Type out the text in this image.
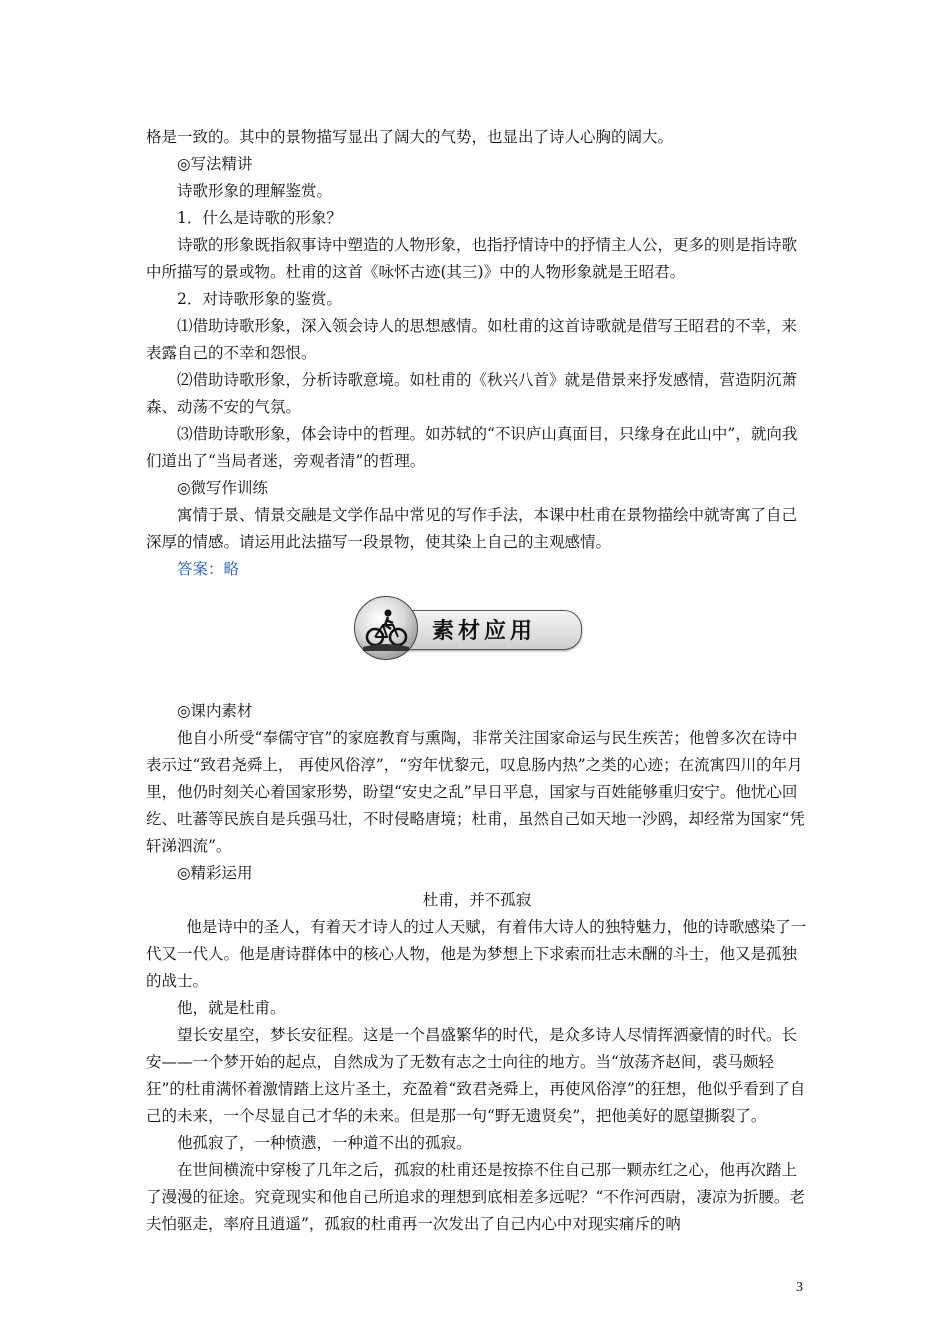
格是一致的。其中的景物描写显出了阔大的气势，也显出了诗人心胸的阔大。

◎写法精讲

诗歌形象的理解鉴赏。

1．什么是诗歌的形象？

诗歌的形象既指叙事诗中塑造的人物形象，也指抒情诗中的抒情主人公，更多的则是指诗歌中所描写的景或物。杜甫的这首《咏怀古迹(其三)》中的人物形象就是王昭君。

2．对诗歌形象的鉴赏。

⑴借助诗歌形象，深入领会诗人的思想感情。如杜甫的这首诗歌就是借写王昭君的不幸，来表露自己的不幸和怨恨。

⑵借助诗歌形象，分析诗歌意境。如杜甫的《秋兴八首》就是借景来抒发感情，营造阴沉萧森、动荡不安的气氛。

⑶借助诗歌形象，体会诗中的哲理。如苏轼的“不识庐山真面目，只缘身在此山中”，就向我们道出了“当局者迷，旁观者清”的哲理。

◎微写作训练

寓情于景、情景交融是文学作品中常见的写作手法，本课中杜甫在景物描绘中就寄寓了自己深厚的情感。请运用此法描写一段景物，使其染上自己的主观感情。

答案：略

素材应用

◎课内素材

他自小所受“奉儒守官”的家庭教育与熏陶，非常关注国家命运与民生疾苦；他曾多次在诗中表示过“致君尧舜上， 再使风俗淳”，“穷年忧黎元，叹息肠内热”之类的心迹；在流寓四川的年月里，他仍时刻关心着国家形势，盼望“安史之乱”早日平息，国家与百姓能够重归安宁。他忧心回纥、吐蕃等民族自是兵强马壮，不时侵略唐境；杜甫，虽然自己如天地一沙鸥，却经常为国家“凭轩涕泗流”。

◎精彩运用

杜甫，并不孤寂

他是诗中的圣人，有着天才诗人的过人天赋，有着伟大诗人的独特魅力，他的诗歌感染了一代又一代人。他是唐诗群体中的核心人物，他是为梦想上下求索而壮志未酬的斗士，他又是孤独的战士。

他，就是杜甫。

望长安星空，梦长安征程。这是一个昌盛繁华的时代，是众多诗人尽情挥洒豪情的时代。长安——一个梦开始的起点，自然成为了无数有志之士向往的地方。当“放荡齐赵间，裘马颇轻狂”的杜甫满怀着激情踏上这片圣土，充盈着“致君尧舜上，再使风俗淳”的狂想，他似乎看到了自己的未来，一个尽显自己才华的未来。但是那一句“野无遗贤矣”，把他美好的愿望撕裂了。

他孤寂了，一种愤懑，一种道不出的孤寂。

在世间横流中穿梭了几年之后，孤寂的杜甫还是按捺不住自己那一颗赤红之心，他再次踏上了漫漫的征途。究竟现实和他自己所追求的理想到底相差多远呢？“不作河西尉，凄凉为折腰。老夫怕驱走，率府且逍遥”，孤寂的杜甫再一次发出了自己内心中对现实痛斥的呐

3
